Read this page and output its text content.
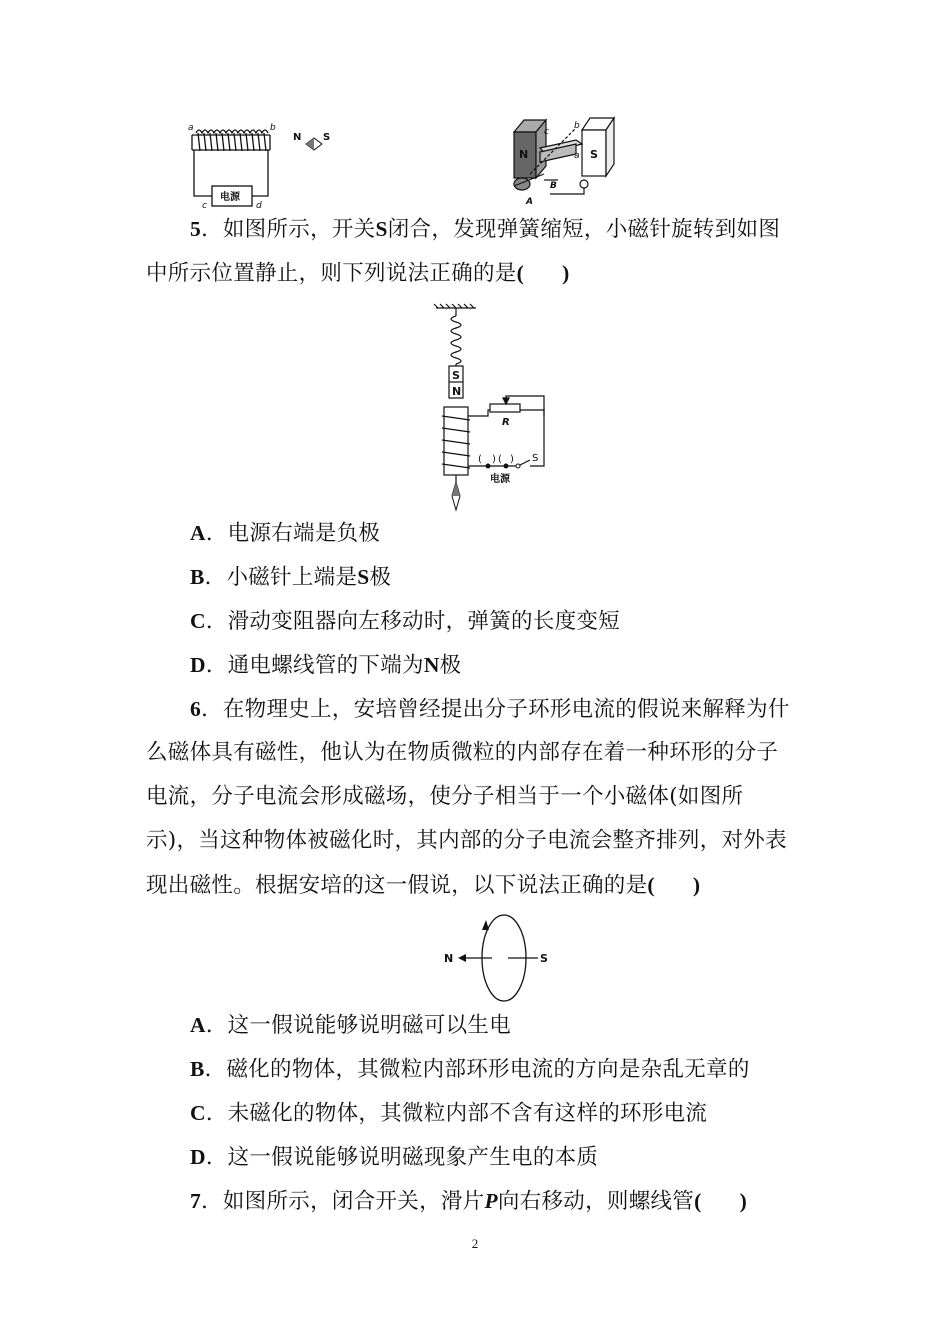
a	b
c	d
电源
N S
N	S
c
b
a
B
A
5．如图所示，开关S闭合，发现弹簧缩短，小磁针旋转到如图
中所示位置静止，则下列说法正确的是( )
S
N
R
S
( ) ( )
电源
A．电源右端是负极
B．小磁针上端是S极
C．滑动变阻器向左移动时，弹簧的长度变短
D．通电螺线管的下端为N极
6．在物理史上，安培曾经提出分子环形电流的假说来解释为什
么磁体具有磁性，他认为在物质微粒的内部存在着一种环形的分子
电流，分子电流会形成磁场，使分子相当于一个小磁体(如图所
示)，当这种物体被磁化时，其内部的分子电流会整齐排列，对外表
现出磁性。根据安培的这一假说，以下说法正确的是( )
N	S
A．这一假说能够说明磁可以生电
B．磁化的物体，其微粒内部环形电流的方向是杂乱无章的
C．未磁化的物体，其微粒内部不含有这样的环形电流
D．这一假说能够说明磁现象产生电的本质
7．如图所示，闭合开关，滑片P向右移动，则螺线管( )
2
